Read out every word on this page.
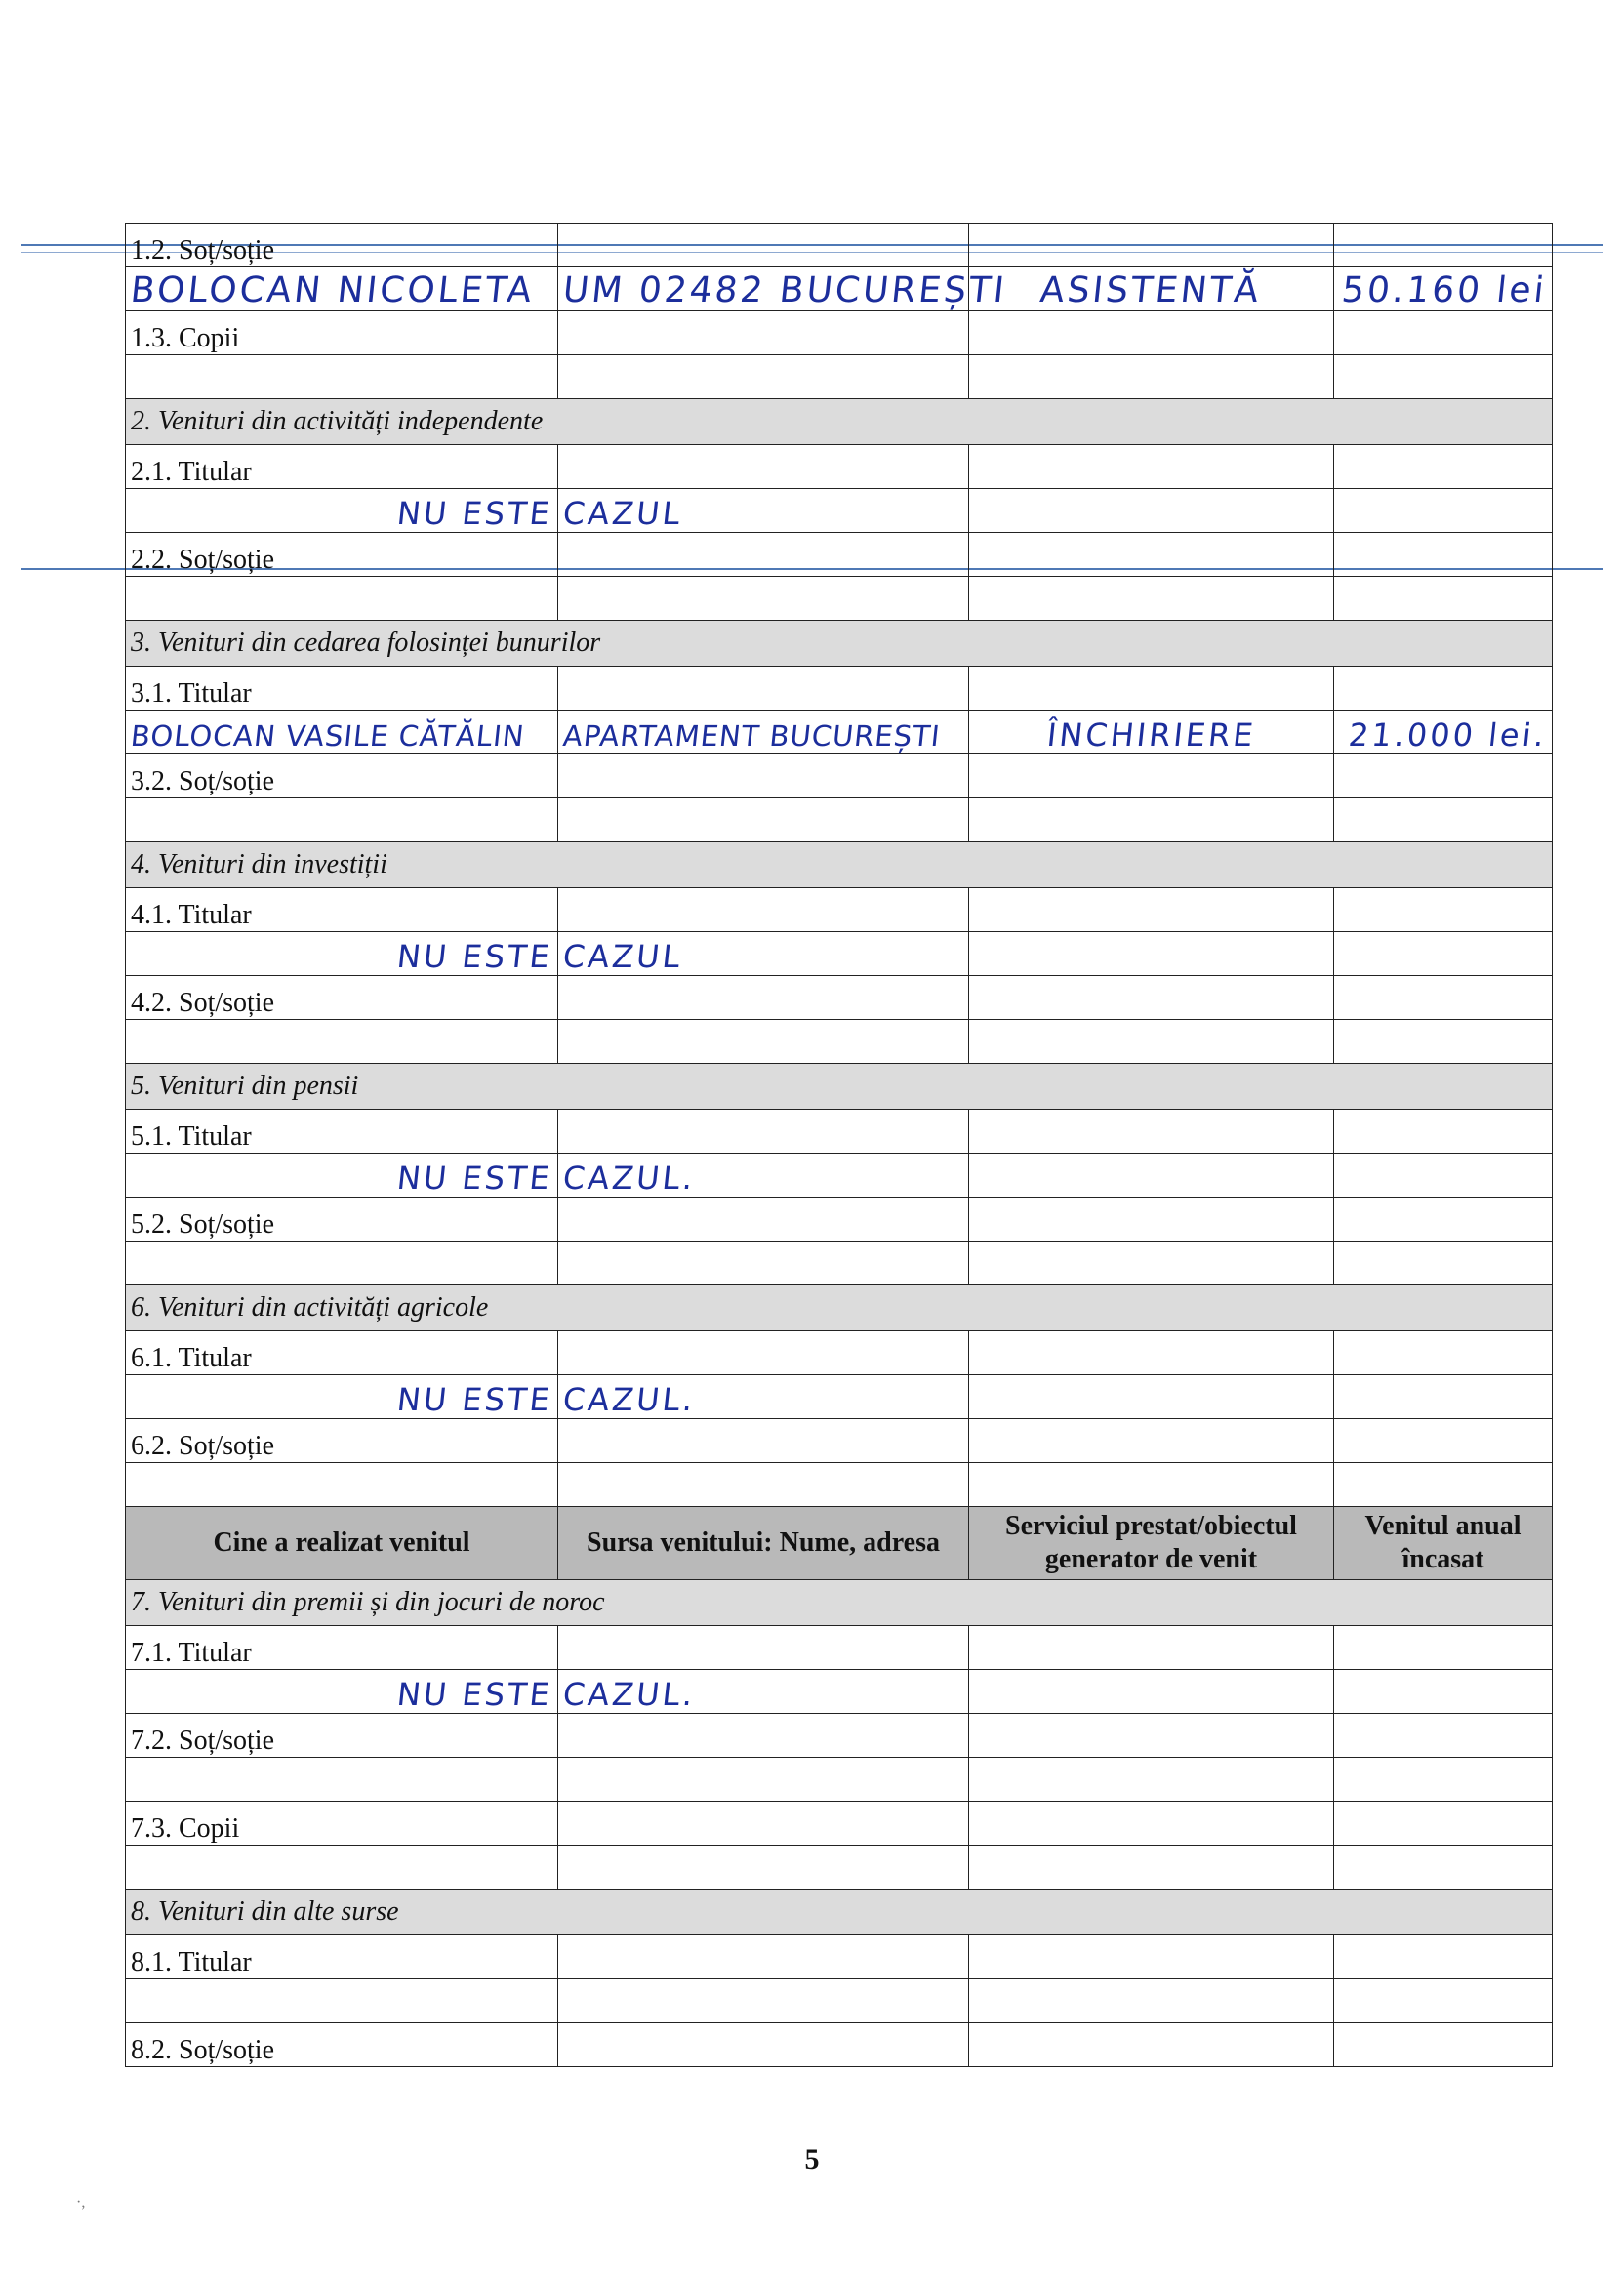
1.2. Soț/soție			
BOLOCAN NICOLETA	UM 02482 BUCUREȘTI	ASISTENTĂ	50.160 lei
1.3. Copii			

2. Venituri din activități independente			
2.1. Titular			
NU ESTE	CAZUL		
2.2. Soț/soție			

3. Venituri din cedarea folosinței bunurilor			
3.1. Titular			
BOLOCAN VASILE CĂTĂLIN	APARTAMENT BUCUREȘTI	ÎNCHIRIERE	21.000 lei.
3.2. Soț/soție			

4. Venituri din investiții			
4.1. Titular			
NU ESTE	CAZUL		
4.2. Soț/soție			

5. Venituri din pensii			
5.1. Titular			
NU ESTE	CAZUL.		
5.2. Soț/soție			

6. Venituri din activități agricole			
6.1. Titular			
NU ESTE	CAZUL.		
6.2. Soț/soție			

Cine a realizat venitul	Sursa venitului: Nume, adresa	Serviciul prestat/obiectul generator de venit	Venitul anual încasat
7. Venituri din premii și din jocuri de noroc			
7.1. Titular			
NU ESTE	CAZUL.		
7.2. Soț/soție			

7.3. Copii			

8. Venituri din alte surse			
8.1. Titular			

8.2. Soț/soție			
5
·,
